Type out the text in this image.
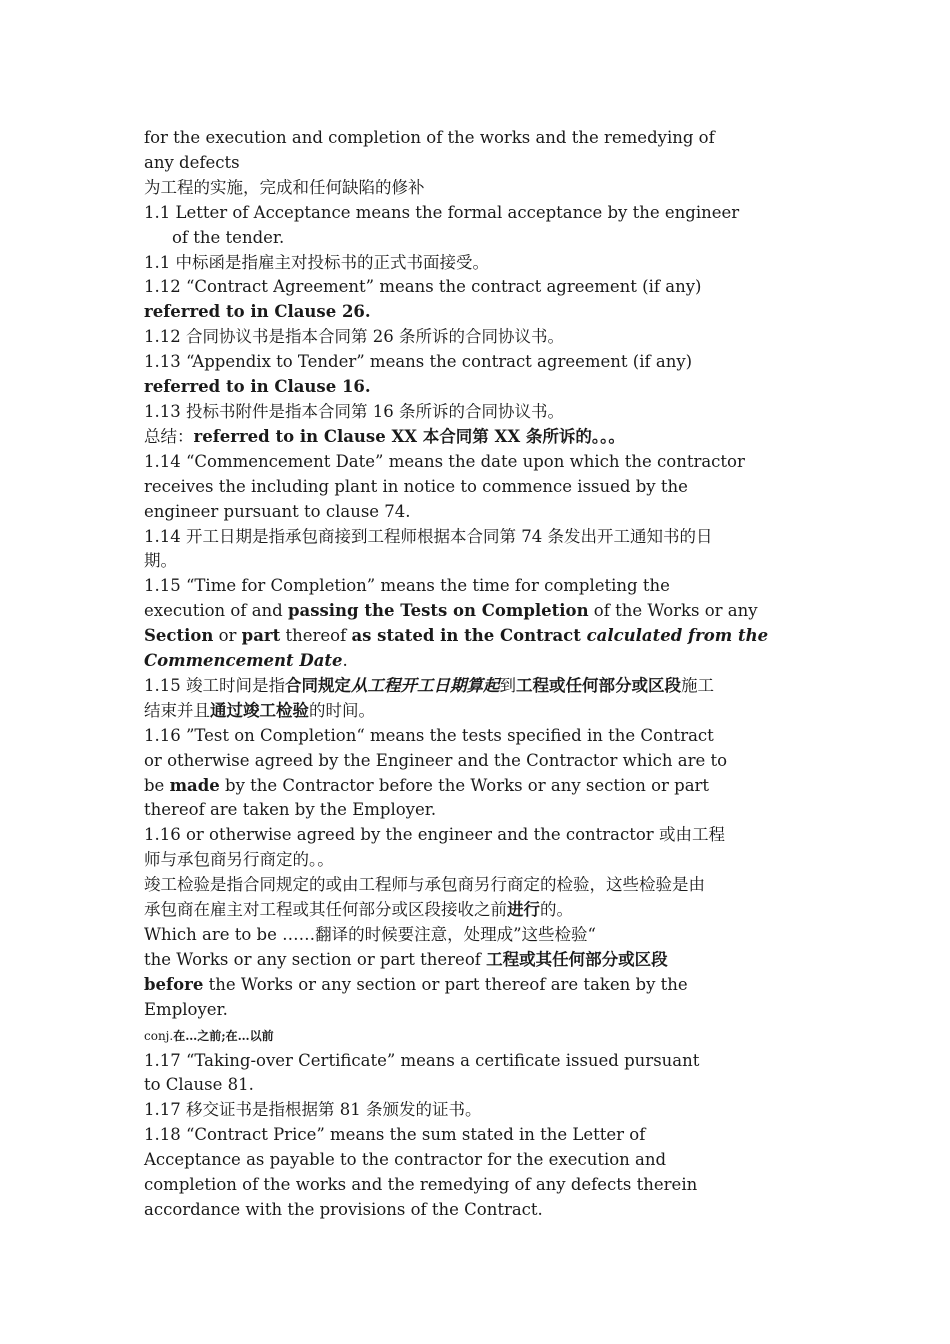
for the execution and completion of the works and the remedying of

any defects

为工程的实施，完成和任何缺陷的修补

1.1 Letter of Acceptance means the formal acceptance by the engineer

of the tender.

1.1 中标函是指雇主对投标书的正式书面接受。

1.12 “Contract Agreement” means the contract agreement (if any)

referred to in Clause 26.

1.12 合同协议书是指本合同第 26 条所诉的合同协议书。

1.13 “Appendix to Tender” means the contract agreement (if any)

referred to in Clause 16.

1.13 投标书附件是指本合同第 16 条所诉的合同协议书。

总结：referred to in Clause XX 本合同第 XX 条所诉的。。。

1.14 “Commencement Date” means the date upon which the contractor

receives the including plant in notice to commence issued by the

engineer pursuant to clause 74.

1.14 开工日期是指承包商接到工程师根据本合同第 74 条发出开工通知书的日

期。

1.15 “Time for Completion” means the time for completing the

execution of and passing the Tests on Completion of the Works or any

Section or part thereof as stated in the Contract calculated from the

Commencement Date.

1.15 竣工时间是指合同规定从工程开工日期算起到工程或任何部分或区段施工

结束并且通过竣工检验的时间。

1.16 ”Test on Completion“ means the tests specified in the Contract

or otherwise agreed by the Engineer and the Contractor which are to

be made by the Contractor before the Works or any section or part

thereof are taken by the Employer.

1.16 or otherwise agreed by the engineer and the contractor 或由工程

师与承包商另行商定的。。

竣工检验是指合同规定的或由工程师与承包商另行商定的检验，这些检验是由

承包商在雇主对工程或其任何部分或区段接收之前进行的。

Which are to be ……翻译的时候要注意，处理成”这些检验“

the Works or any section or part thereof 工程或其任何部分或区段

before the Works or any section or part thereof are taken by the

Employer.

conj.在…之前;在…以前

1.17 “Taking-over Certificate” means a certificate issued pursuant

to Clause 81.

1.17 移交证书是指根据第 81 条颁发的证书。

1.18 “Contract Price” means the sum stated in the Letter of

Acceptance as payable to the contractor for the execution and

completion of the works and the remedying of any defects therein

accordance with the provisions of the Contract.
